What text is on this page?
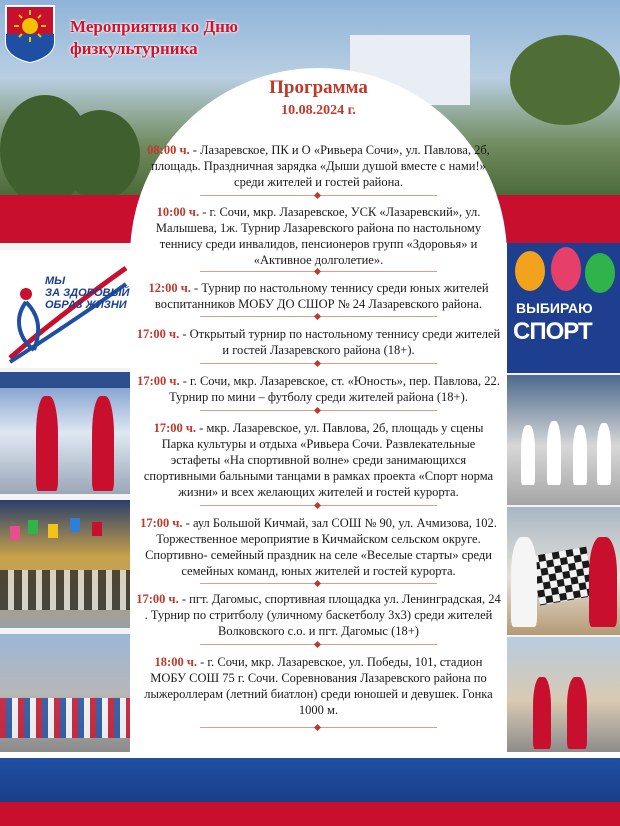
МЫ
ЗА ЗДОРОВЫЙ
ОБРАЗ ЖИЗНИ	ВЫБИРАЮ
СПОРТ
Мероприятия ко Дню
физкультурника
Программа
10.08.2024 г.
08:00 ч. - Лазаревское, ПК и О «Ривьера Сочи», ул. Павлова, 2б, площадь. Праздничная зарядка «Дыши душой вместе с нами!» среди жителей и гостей района.
10:00 ч. - г. Сочи, мкр. Лазаревское, УСК «Лазаревский», ул. Малышева, 1ж. Турнир Лазаревского района по настольному теннису среди инвалидов, пенсионеров групп «Здоровья» и «Активное долголетие».
12:00 ч. - Турнир по настольному теннису среди юных жителей воспитанников МОБУ ДО СШОР № 24 Лазаревского района.
17:00 ч. - Открытый турнир по настольному теннису среди жителей и гостей Лазаревского района (18+).
17:00 ч. - г. Сочи, мкр. Лазаревское, ст. «Юность», пер. Павлова, 22. Турнир по мини – футболу среди жителей района (18+).
17:00 ч. - мкр. Лазаревское, ул. Павлова, 2б, площадь у сцены Парка культуры и отдыха «Ривьера Сочи. Развлекательные эстафеты «На спортивной волне» среди занимающихся спортивными бальными танцами в рамках проекта «Спорт норма жизни» и всех желающих жителей и гостей курорта.
17:00 ч. - аул Большой Кичмай, зал СОШ № 90, ул. Ачмизова, 102. Торжественное мероприятие в Кичмайском сельском округе. Спортивно- семейный праздник на селе «Веселые старты» среди семейных команд, юных жителей и гостей курорта.
17:00 ч. - пгт. Дагомыс, спортивная площадка ул. Ленинградская, 24 . Турнир по стритболу (уличному баскетболу 3х3) среди жителей Волковского с.о. и пгт. Дагомыс (18+)
18:00 ч. - г. Сочи, мкр. Лазаревское, ул. Победы, 101, стадион МОБУ СОШ 75 г. Сочи. Соревнования Лазаревского района по лыжероллерам (летний биатлон) среди юношей и девушек. Гонка 1000 м.
